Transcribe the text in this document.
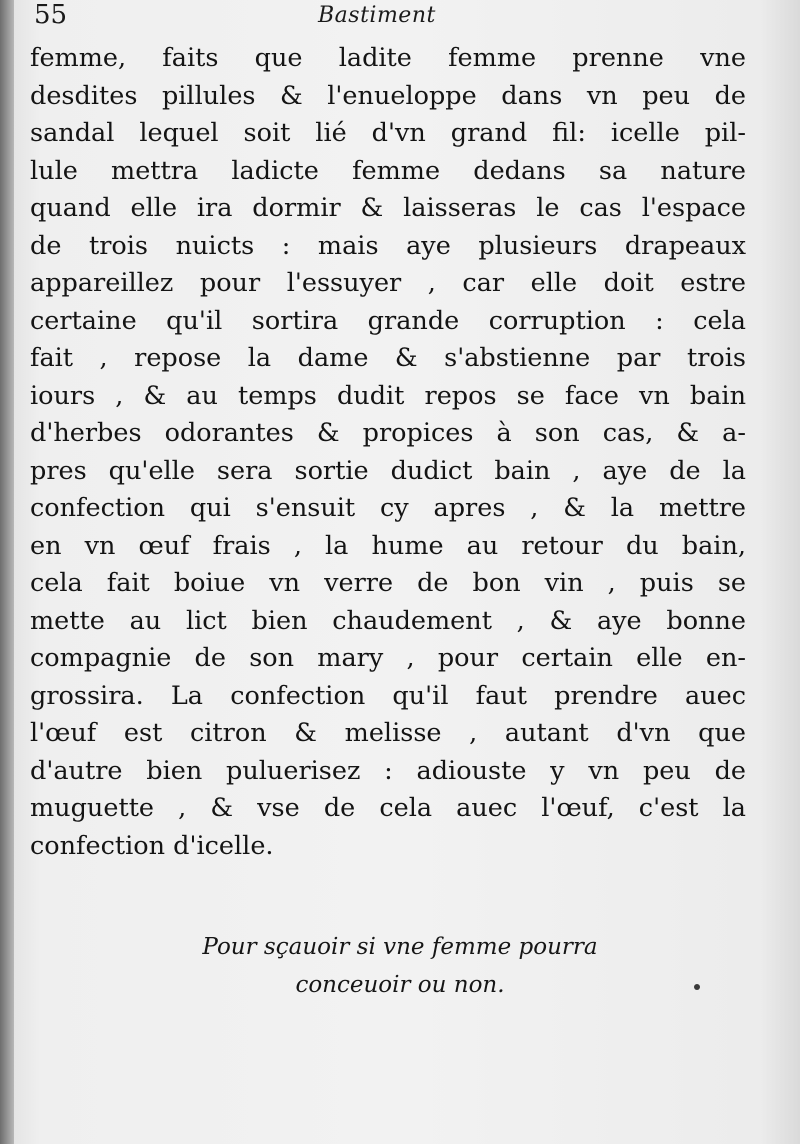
55	Bastiment
femme, faits que ladite femme prenne vne
desdites pillules & l'enueloppe dans vn peu de
sandal lequel soit lié d'vn grand fil: icelle pil-
lule mettra ladicte femme dedans sa nature
quand elle ira dormir & laisseras le cas l'espace
de trois nuicts : mais aye plusieurs drapeaux
appareillez pour l'essuyer , car elle doit estre
certaine qu'il sortira grande corruption : cela
fait , repose la dame & s'abstienne par trois
iours , & au temps dudit repos se face vn bain
d'herbes odorantes & propices à son cas, & a-
pres qu'elle sera sortie dudict bain , aye de la
confection qui s'ensuit cy apres , & la mettre
en vn œuf frais , la hume au retour du bain,
cela fait boiue vn verre de bon vin , puis se
mette au lict bien chaudement , & aye bonne
compagnie de son mary , pour certain elle en-
grossira. La confection qu'il faut prendre auec
l'œuf est citron & melisse , autant d'vn que
d'autre bien puluerisez : adiouste y vn peu de
muguette , & vse de cela auec l'œuf, c'est la
confection d'icelle.
Pour sçauoir si vne femme pourra
conceuoir ou non.
